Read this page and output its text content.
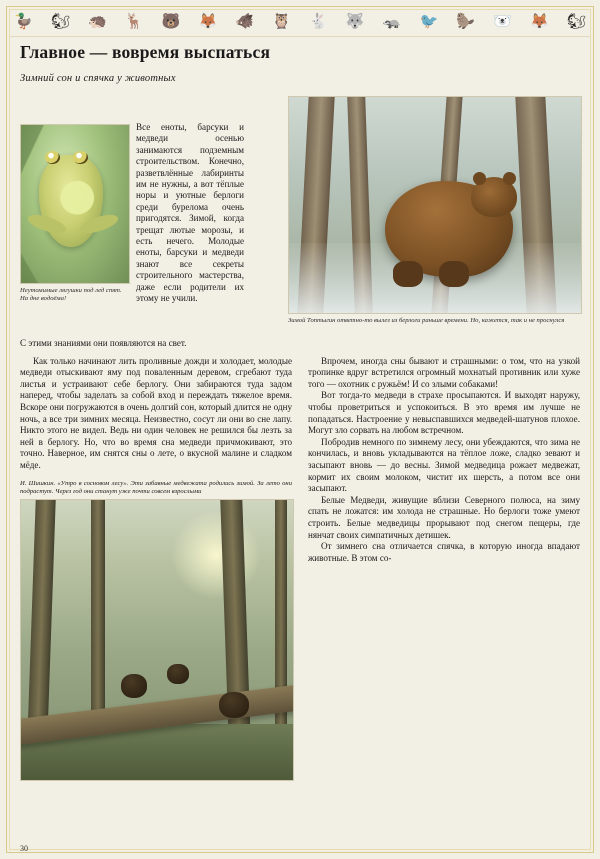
🦆 🐿 🦔 🦌 🐻 🦊 🐗 🦉 🐇 🐺 🦡 🐦 🦫 🐻‍❄️ 🦊 🐿
Главное — вовремя выспаться
Зимний сон и спячка у животных
Неутомимые лягушки под лед спят. На дне водоёма!
Все еноты, барсуки и медведи осенью занимаются подземным строительством. Конечно, разветвлённые лабиринты им не нужны, а вот тёплые норы и уютные берлоги среди бурелома очень пригодятся. Зимой, когда трещат лютые морозы, и есть нечего. Молодые еноты, барсуки и медведи знают все секреты строительного мастерства, даже если родители их этому не учили.
Зимой Топтыгин ответно-то вылез из берлоги раньше времени. Но, кажется, так и не проснулся
С этими знаниями они появляются на свет.

Как только начинают лить проливные дожди и холодает, молодые медведи отыскивают яму под поваленным деревом, сгребают туда листья и устраивают себе берлогу. Они забираются туда задом наперед, чтобы заделать за собой вход и переждать тяжелое время. Вскоре они погружаются в очень долгий сон, который длится не одну ночь, а все три зимних месяца. Неизвестно, сосут ли они во сне лапу. Никто этого не видел. Ведь ни один человек не решился бы лезть за ней в берлогу. Но, что во время сна медведи причмокивают, это точно. Наверное, им снятся сны о лете, о вкусной малине и сладком мёде.

И. Шишкин. «Утро в сосновом лесу». Эти забавные медвежата родились зимой. За лето они подрастут. Через год они станут уже почти совсем взрослыми

Впрочем, иногда сны бывают и страшными: о том, что на узкой тропинке вдруг встретился огромный мохнатый противник или хуже того — охотник с ружьём! И со злыми собаками!

Вот тогда-то медведи в страхе просыпаются. И выходят наружу, чтобы проветриться и успокоиться. В это время им лучше не попадаться. Настроение у невыспавшихся медведей-шатунов плохое. Могут зло сорвать на любом встречном.

Побродив немного по зимнему лесу, они убеждаются, что зима не кончилась, и вновь укладываются на тёплое ложе, сладко зевают и засыпают вновь — до весны. Зимой медведица рожает медвежат, кормит их своим молоком, чистит их шерсть, а потом все они засыпают.

Белые Медведи, живущие вблизи Северного полюса, на зиму спать не ложатся: им холода не страшные. Но берлоги тоже умеют строить. Белые медведицы прорывают под снегом пещеры, где нянчат своих симпатичных детишек.

От зимнего сна отличается спячка, в которую иногда впадают животные. В этом со-

30
